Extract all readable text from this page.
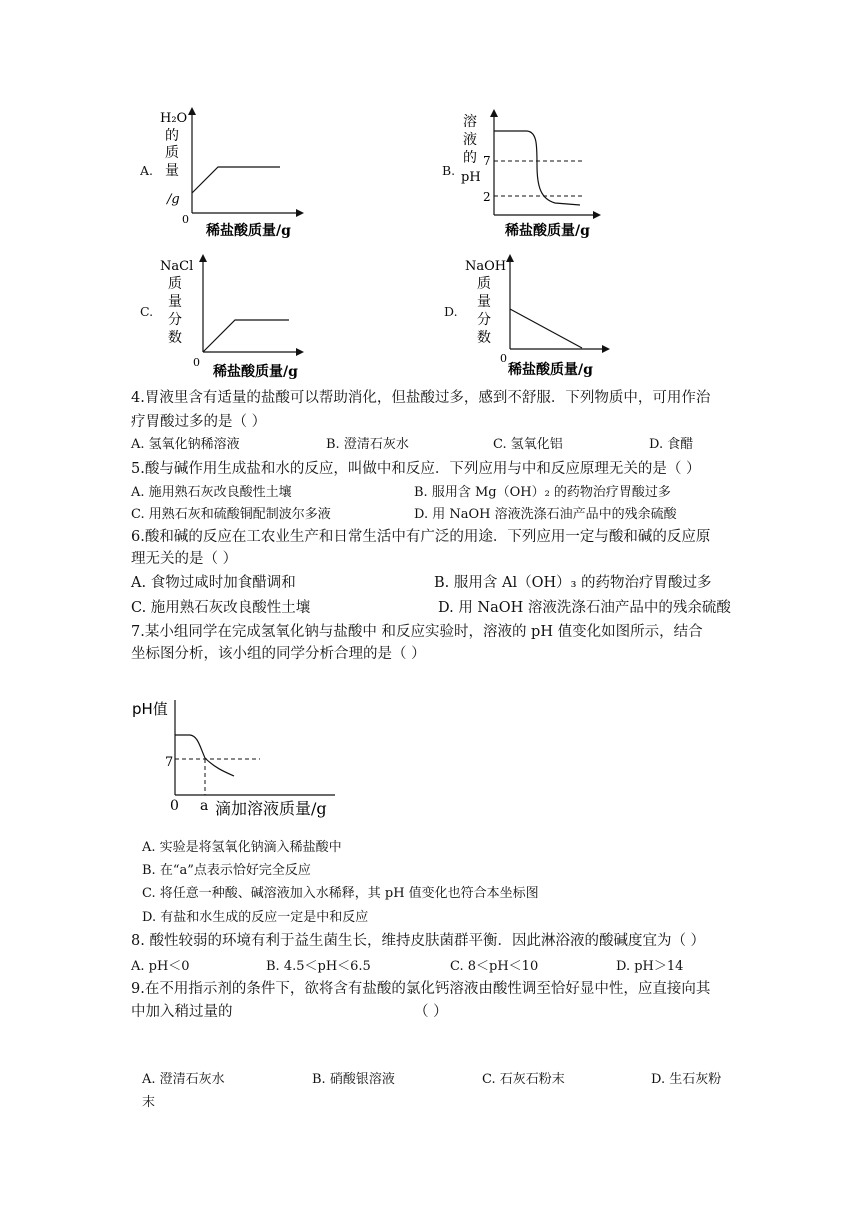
A.
H₂O
的
质
量
/g
0
稀盐酸质量/g
B.
溶
液
的
pH
7
2
稀盐酸质量/g
C.
NaCl
质
量
分
数
0
稀盐酸质量/g
D.
NaOH
质
量
分
数
0
稀盐酸质量/g
4.胃液里含有适量的盐酸可以帮助消化，但盐酸过多，感到不舒服．下列物质中，可用作治
疗胃酸过多的是（ ）
A. 氢氧化钠稀溶液	B. 澄清石灰水	C. 氢氧化铝	D. 食醋
5.酸与碱作用生成盐和水的反应，叫做中和反应．下列应用与中和反应原理无关的是（ ）
A. 施用熟石灰改良酸性土壤	B. 服用含 Mg（OH）₂ 的药物治疗胃酸过多
C. 用熟石灰和硫酸铜配制波尔多液	D. 用 NaOH 溶液洗涤石油产品中的残余硫酸
6.酸和碱的反应在工农业生产和日常生活中有广泛的用途．下列应用一定与酸和碱的反应原
理无关的是（ ）
A. 食物过咸时加食醋调和	B. 服用含 Al（OH）₃ 的药物治疗胃酸过多
C. 施用熟石灰改良酸性土壤	D. 用 NaOH 溶液洗涤石油产品中的残余硫酸
7.某小组同学在完成氢氧化钠与盐酸中 和反应实验时，溶液的 pH 值变化如图所示，结合
坐标图分析，该小组的同学分析合理的是（ ）
pH值
7
0 a 滴加溶液质量/g
A. 实验是将氢氧化钠滴入稀盐酸中
B. 在“a”点表示恰好完全反应
C. 将任意一种酸、碱溶液加入水稀释，其 pH 值变化也符合本坐标图
D. 有盐和水生成的反应一定是中和反应
8. 酸性较弱的环境有利于益生菌生长，维持皮肤菌群平衡．因此淋浴液的酸碱度宜为（ ）
A. pH＜0	B. 4.5＜pH＜6.5	C. 8＜pH＜10	D. pH＞14
9.在不用指示剂的条件下，欲将含有盐酸的氯化钙溶液由酸性调至恰好显中性，应直接向其
中加入稍过量的	（ ）
A. 澄清石灰水	B. 硝酸银溶液	C. 石灰石粉末	D. 生石灰粉
末
